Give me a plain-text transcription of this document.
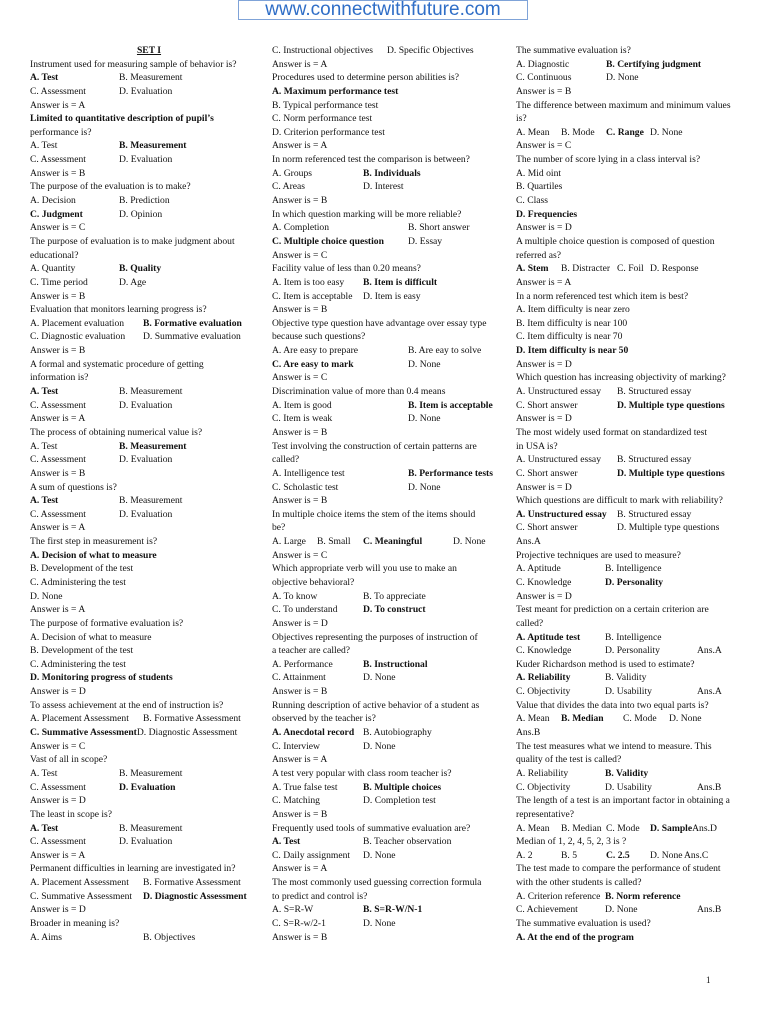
www.connectwithfuture.com
SET I
Instrument used for measuring sample of behavior is?
A. Test	B. Measurement
C. Assessment	D. Evaluation
Answer is = A
Limited to quantitative description of pupil’s
performance is?
A. Test	B. Measurement
C. Assessment	D. Evaluation
Answer is = B
The purpose of the evaluation is to make?
A. Decision	B. Prediction
C. Judgment	D. Opinion
Answer is = C
The purpose of evaluation is to make judgment about
educational?
A. Quantity	B. Quality
C. Time period	D. Age
Answer is = B
Evaluation that monitors learning progress is?
A. Placement evaluation	B. Formative evaluation
C. Diagnostic evaluation	D. Summative evaluation
Answer is = B
A formal and systematic procedure of getting
information is?
A. Test	B. Measurement
C. Assessment	D. Evaluation
Answer is = A
The process of obtaining numerical value is?
A. Test	B. Measurement
C. Assessment	D. Evaluation
Answer is = B
A sum of questions is?
A. Test	B. Measurement
C. Assessment	D. Evaluation
Answer is = A
The first step in measurement is?
A. Decision of what to measure
B. Development of the test
C. Administering the test
D. None
Answer is = A
The purpose of formative evaluation is?
A. Decision of what to measure
B. Development of the test
C. Administering the test
D. Monitoring progress of students
Answer is = D
To assess achievement at the end of instruction is?
A. Placement Assessment	B. Formative Assessment
C. Summative Assessment D. Diagnostic Assessment
Answer is = C
Vast of all in scope?
A. Test	B. Measurement
C. Assessment	D. Evaluation
Answer is = D
The least in scope is?
A. Test	B. Measurement
C. Assessment	D. Evaluation
Answer is = A
Permanent difficulties in learning are investigated in?
A. Placement Assessment	B. Formative Assessment
C. Summative Assessment	D. Diagnostic Assessment
Answer is = D
Broader in meaning is?
A. Aims	B. Objectives
C. Instructional objectives	D. Specific Objectives
Answer is = A
Procedures used to determine person abilities is?
A. Maximum performance test
B. Typical performance test
C. Norm performance test
D. Criterion performance test
Answer is = A
In norm referenced test the comparison is between?
A. Groups	B. Individuals
C. Areas	D. Interest
Answer is = B
In which question marking will be more reliable?
A. Completion	B. Short answer
C. Multiple choice question	D. Essay
Answer is = C
Facility value of less than 0.20 means?
A. Item is too easy	B. Item is difficult
C. Item is acceptable	D. Item is easy
Answer is = B
Objective type question have advantage over essay type
because such questions?
A. Are easy to prepare	B. Are eay to solve
C. Are easy to mark	D. None
Answer is = C
Discrimination value of more than 0.4 means
A. Item is good	B. Item is acceptable
C. Item is weak	D. None
Answer is = B
Test involving the construction of certain patterns are
called?
A. Intelligence test	B. Performance tests
C. Scholastic test	D. None
Answer is = B
In multiple choice items the stem of the items should
be?
A. Large	B. Small	C. Meaningful	D. None
Answer is = C
Which appropriate verb will you use to make an
objective behavioral?
A. To know	B. To appreciate
C. To understand	D. To construct
Answer is = D
Objectives representing the purposes of instruction of
a teacher are called?
A. Performance	B. Instructional
C. Attainment	D. None
Answer is = B
Running description of active behavior of a student as
observed by the teacher is?
A. Anecdotal record B. Autobiography
C. Interview	D. None
Answer is = A
A test very popular with class room teacher is?
A. True false test	B. Multiple choices
C. Matching	D. Completion test
Answer is = B
Frequently used tools of summative evaluation are?
A. Test	B. Teacher observation
C. Daily assignment	D. None
Answer is = A
The most commonly used guessing correction formula
to predict and control is?
A. S=R-W	B. S=R-W/N-1
C. S=R-w/2-1	D. None
Answer is = B
The summative evaluation is?
A. Diagnostic	B. Certifying judgment
C. Continuous	D. None
Answer is = B
The difference between maximum and minimum values
is?
A. Mean	B. Mode	C. Range D. None
Answer is = C
The number of score lying in a class interval is?
A. Mid oint
B. Quartiles
C. Class
D. Frequencies
Answer is = D
A multiple choice question is composed of question
referred as?
A. Stem	B. Distracter C. Foil D. Response
Answer is = A
In a norm referenced test which item is best?
A. Item difficulty is near zero
B. Item difficulty is near 100
C. Item difficulty is near 70
D. Item difficulty is near 50
Answer is = D
Which question has increasing objectivity of marking?
A. Unstructured essay	B. Structured essay
C. Short answer	D. Multiple type questions
Answer is = D
The most widely used format on standardized test
in USA is?
A. Unstructured essay	B. Structured essay
C. Short answer	D. Multiple type questions
Answer is = D
Which questions are difficult to mark with reliability?
A. Unstructured essay	B. Structured essay
C. Short answer	D. Multiple type questions
Ans.A
Projective techniques are used to measure?
A. Aptitude	B. Intelligence
C. Knowledge	D. Personality
Answer is = D
Test meant for prediction on a certain criterion are
called?
A. Aptitude test	B. Intelligence
C. Knowledge	D. Personality	Ans.A
Kuder Richardson method is used to estimate?
A. Reliability	B. Validity
C. Objectivity	D. Usability	Ans.A
Value that divides the data into two equal parts is?
A. Mean	B. Median	C. Mode	D. None
Ans.B
The test measures what we intend to measure. This
quality of the test is called?
A. Reliability	B. Validity
C. Objectivity	D. Usability	Ans.B
The length of a test is an important factor in obtaining a
representative?
A. Mean	B. Median C. Mode	D. Sample Ans.D
Median of 1, 2, 4, 5, 2, 3 is ?
A. 2	B. 5	C. 2.5	D. None Ans.C
The test made to compare the performance of student
with the other students is called?
A. Criterion reference B. Norm reference
C. Achievement	D. None	Ans.B
The summative evaluation is used?
A. At the end of the program
1
